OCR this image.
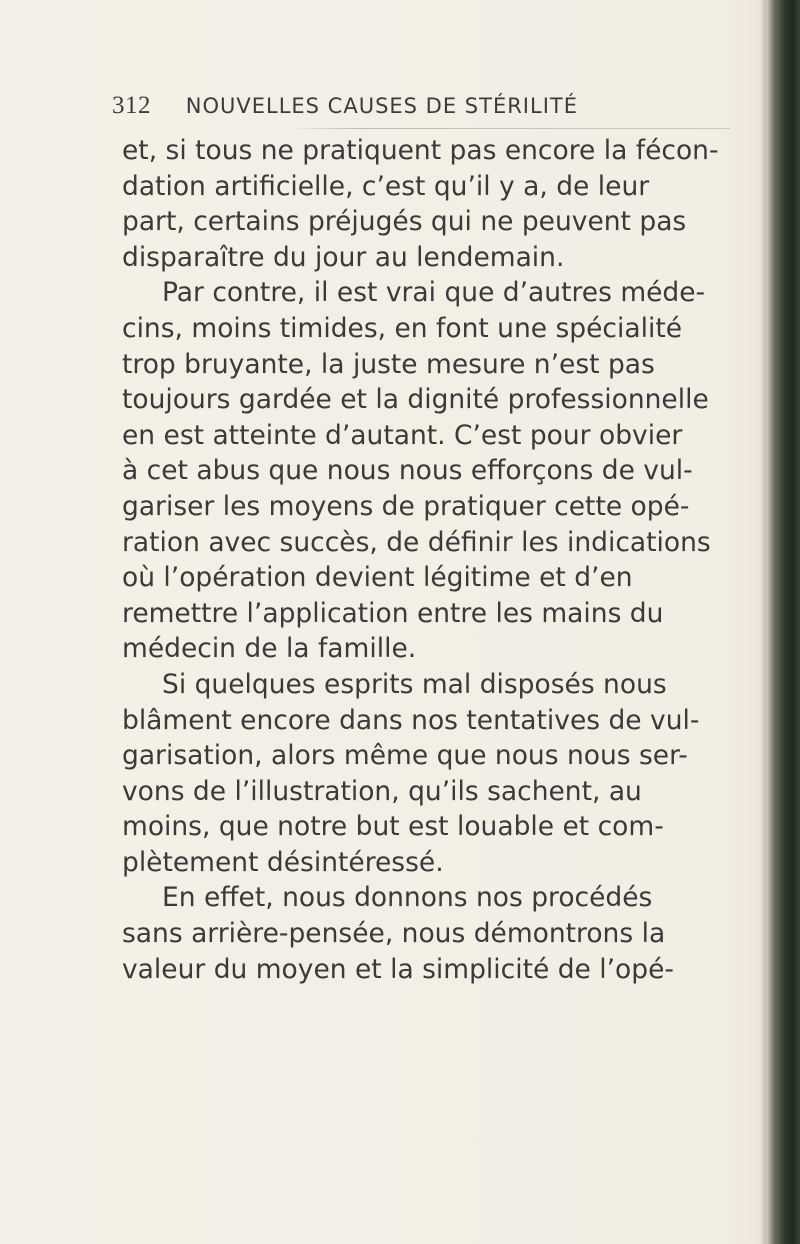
312 NOUVELLES CAUSES DE STÉRILITÉ
et, si tous ne pratiquent pas encore la fécon-
dation artificielle, c’est qu’il y a, de leur
part, certains préjugés qui ne peuvent pas
disparaître du jour au lendemain.
Par contre, il est vrai que d’autres méde-
cins, moins timides, en font une spécialité
trop bruyante, la juste mesure n’est pas
toujours gardée et la dignité professionnelle
en est atteinte d’autant. C’est pour obvier
à cet abus que nous nous efforçons de vul-
gariser les moyens de pratiquer cette opé-
ration avec succès, de définir les indications
où l’opération devient légitime et d’en
remettre l’application entre les mains du
médecin de la famille.
Si quelques esprits mal disposés nous
blâment encore dans nos tentatives de vul-
garisation, alors même que nous nous ser-
vons de l’illustration, qu’ils sachent, au
moins, que notre but est louable et com-
plètement désintéressé.
En effet, nous donnons nos procédés
sans arrière-pensée, nous démontrons la
valeur du moyen et la simplicité de l’opé-
